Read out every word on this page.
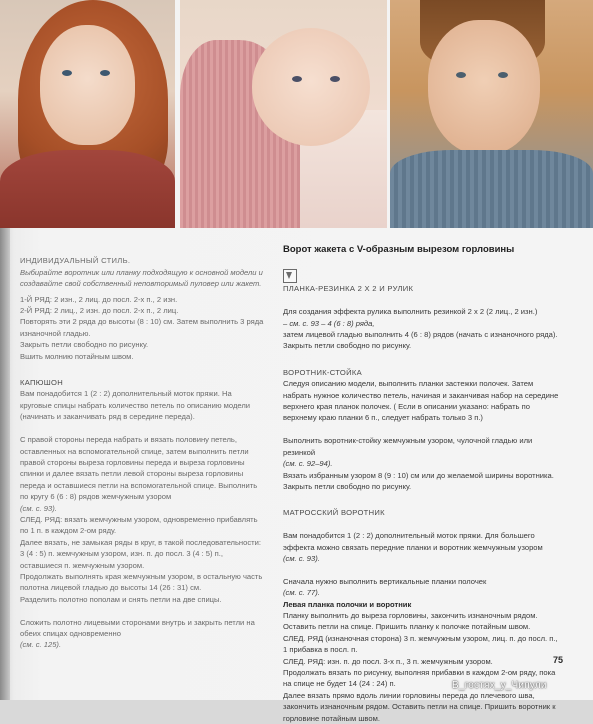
ИНДИВИДУАЛЬНЫЙ СТИЛЬ.
Выбирайте воротник или планку подходящую к основной модели и создавайте свой собственный неповторимый пуловер или жакет.

1-Й РЯД: 2 изн., 2 лиц. до посл. 2-х п., 2 изн.

2-Й РЯД: 2 лиц., 2 изн. до посл. 2-х п., 2 лиц.

Повторять эти 2 ряда до высоты (8 : 10) см. Затем выполнить 3 ряда изнаночной гладью.

Закрыть петли свободно по рисунку.

Вшить молнию потайным швом.

КАПЮШОН

Вам понадобится 1 (2 : 2) дополнительный моток пряжи. На круговые спицы набрать количество петель по описанию модели (начинать и заканчивать ряд в середине переда).

С правой стороны переда набрать и вязать половину петель, оставленных на вспомогательной спице, затем выполнить петли правой стороны выреза горловины переда и выреза горловины спинки и далее вязать петли левой стороны выреза горловины переда и оставшиеся петли на вспомогательной спице. Выполнить по кругу 6 (6 : 8) рядов жемчужным узором
(см. с. 93).

СЛЕД. РЯД: вязать жемчужным узором, одновременно прибавлять по 1 п. в каждом 2-ом ряду.

Далее вязать, не замыкая ряды в круг, в такой последовательности: 3 (4 : 5) п. жемчужным узором, изн. п. до посл. 3 (4 : 5) п., оставшиеся п. жемчужным узором.

Продолжать выполнять края жемчужным узором, в остальную часть полотна лицевой гладью до высоты 14 (26 : 31) см.

Разделить полотно пополам и снять петли на две спицы.

Сложить полотно лицевыми сторонами внутрь и закрыть петли на обеих спицах одновременно
(см. с. 125).

Ворот жакета с V-образным вырезом горловины

ПЛАНКА-РЕЗИНКА 2 Х 2 И РУЛИК

Для создания эффекта рулика выполнить резинкой 2 х 2 (2 лиц., 2 изн.)
– см. с. 93 – 4 (6 : 8) ряда,
затем лицевой гладью выполнить 4 (6 : 8) рядов (начать с изнаночного ряда). Закрыть петли свободно по рисунку.

ВОРОТНИК-СТОЙКА

Следуя описанию модели, выполнить планки застежки полочек. Затем набрать нужное количество петель, начиная и заканчивая набор на середине верхнего края планок полочек. ( Если в описании указано: набрать по верхнему краю планки 6 п., следует набрать только 3 п.)

Выполнить воротник-стойку жемчужным узором, чулочной гладью или резинкой
(см. с. 92–94).
Вязать избранным узором 8 (9 : 10) см или до желаемой ширины воротника. Закрыть петли свободно по рисунку.

МАТРОССКИЙ ВОРОТНИК

Вам понадобится 1 (2 : 2) дополнительный моток пряжи. Для большего эффекта можно связать передние планки и воротник жемчужным узором
(см. с. 93).

Сначала нужно выполнить вертикальные планки полочек
(см. с. 77).

Левая планка полочки и воротник

Планку выполнить до выреза горловины, закончить изнаночным рядом. Оставить петли на спице. Пришить планку к полочке потайным швом.

СЛЕД. РЯД (изнаночная сторона) 3 п. жемчужным узором, лиц. п. до посл. п., 1 прибавка в посл. п.

СЛЕД. РЯД: изн. п. до посл. 3-х п., 3 п. жемчужным узором.

Продолжать вязать по рисунку, выполняя прибавки в каждом 2-ом ряду, пока на спице не будет 14 (24 : 24) п.

Далее вязать прямо вдоль линии горловины переда до плечевого шва, закончить изнаночным рядом. Оставить петли на спице. Пришить воротник к горловине потайным швом.

75
В_гостях_у_Чипули
